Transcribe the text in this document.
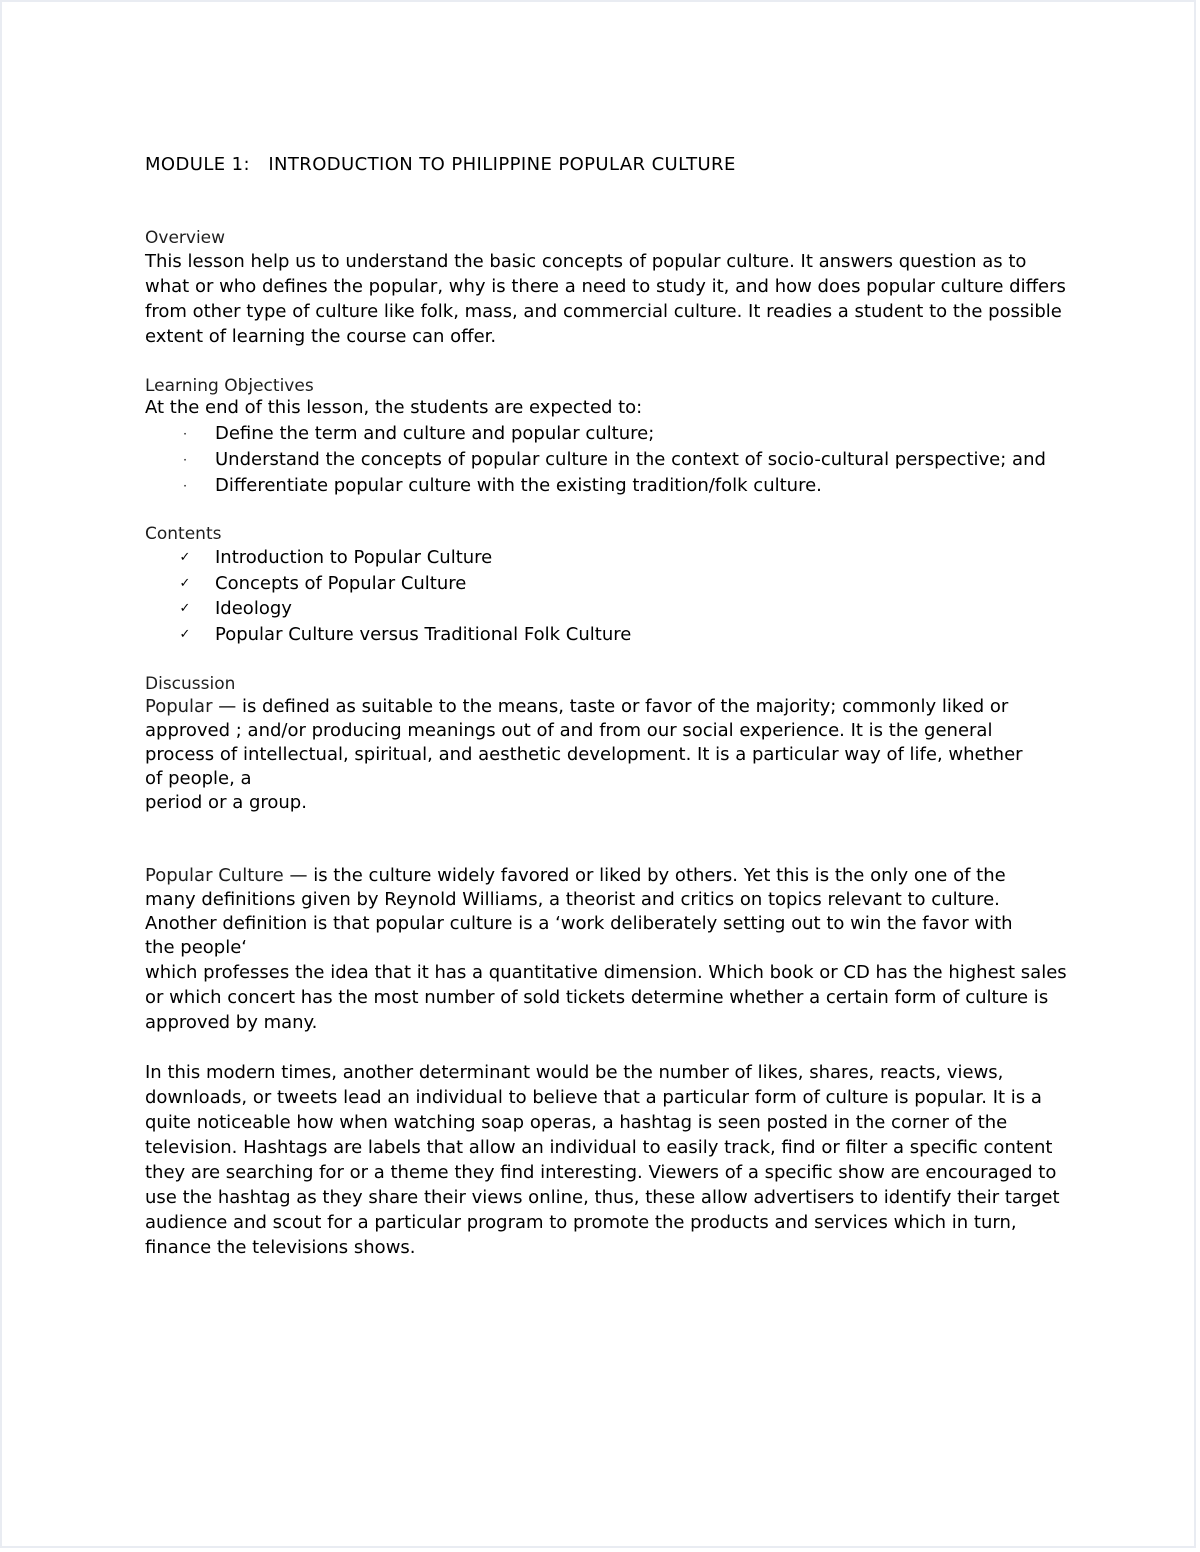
MODULE 1:   INTRODUCTION TO PHILIPPINE POPULAR CULTURE
Overview

This lesson help us to understand the basic concepts of popular culture. It answers question as to what or who defines the popular, why is there a need to study it, and how does popular culture differs from other type of culture like folk, mass, and commercial culture. It readies a student to the possible extent of learning the course can offer.

Learning Objectives

At the end of this lesson, the students are expected to:

· Define the term and culture and popular culture;
· Understand the concepts of popular culture in the context of socio-cultural perspective; and
· Differentiate popular culture with the existing tradition/folk culture.
Contents
✓ Introduction to Popular Culture
✓ Concepts of Popular Culture
✓ Ideology
✓ Popular Culture versus Traditional Folk Culture
Discussion

Popular — is defined as suitable to the means, taste or favor of the majority; commonly liked or approved ; and/or producing meanings out of and from our social experience. It is the general process of intellectual, spiritual, and aesthetic development. It is a particular way of life, whether of people, a

period or a group.

Popular Culture — is the culture widely favored or liked by others. Yet this is the only one of the many definitions given by Reynold Williams, a theorist and critics on topics relevant to culture. Another definition is that popular culture is a ‘work deliberately setting out to win the favor with the people‘

which professes the idea that it has a quantitative dimension. Which book or CD has the highest sales or which concert has the most number of sold tickets determine whether a certain form of culture is approved by many.

In this modern times, another determinant would be the number of likes, shares, reacts, views, downloads, or tweets lead an individual to believe that a particular form of culture is popular. It is a quite noticeable how when watching soap operas, a hashtag is seen posted in the corner of the television. Hashtags are labels that allow an individual to easily track, find or filter a specific content they are searching for or a theme they find interesting. Viewers of a specific show are encouraged to use the hashtag as they share their views online, thus, these allow advertisers to identify their target audience and scout for a particular program to promote the products and services which in turn, finance the televisions shows.
